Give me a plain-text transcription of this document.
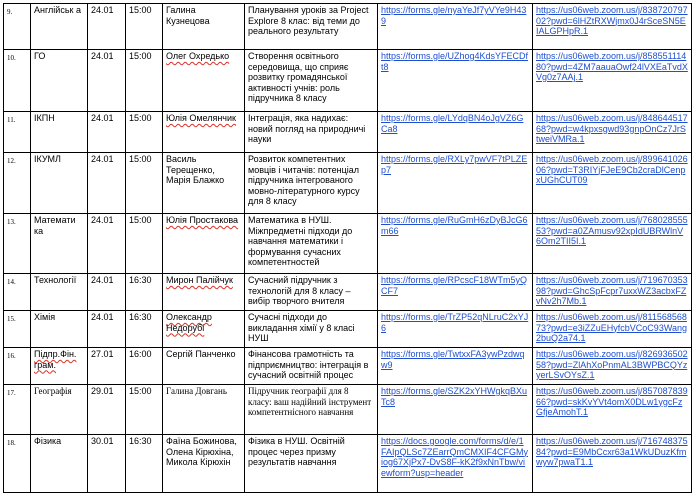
9.	Англійськ а	24.01	15:00	Галина Кузнецова	Планування уроків за Project Explore 8 клас: від теми до реального результату	https://forms.gle/nyaYeJf7yVYe9H439	https://us06web.zoom.us/j/83872079702?pwd=6lHZtRXWjmx0J4rSceSN5EIALGPHpR.1
10.	ГО	24.01	15:00	Олег Охредько	Створення освітнього середовища, що сприяє розвитку громадянської активності учнів: роль підручника 8 класу	https://forms.gle/UZhog4KdsYFECDft8	https://us06web.zoom.us/j/85855111480?pwd=4ZM7aauaOwf24lVXEaTvdXVg0z7AAj.1
11.	ІКПН	24.01	15:00	Юлія Омелянчик	Інтеграція, яка надихає: новий погляд на природничі науки	https://forms.gle/LYdqBN4oJgVZ6GCa8	https://us06web.zoom.us/j/84864451768?pwd=w4kpxsgwd93gnpOnCz7JrStweiVMRa.1
12.	ІКУМЛ	24.01	15:00	Василь Терещенко, Марія Блажко	Розвиток компетентних мовців і читачів: потенціал підручника інтегрованого мовно-літературного курсу для 8 класу	https://forms.gle/RXLy7pwVF7tPLZEp7	https://us06web.zoom.us/j/89964102606?pwd=T3RIYjFJeE9Cb2craDlCenpxUGhCUT09
13.	Математи ка	24.01	15:00	Юлія Простакова	Математика в НУШ. Міжпредметні підходи до навчання математики і формування сучасних компетентностей	https://forms.gle/RuGmH6zDyBJcG6m66	https://us06web.zoom.us/j/76802855553?pwd=a0ZAmusv92xpIdUBRWlnV6Om2TII5I.1
14.	Технології	24.01	16:30	Мирон Палійчук	Сучасний підручник з технологій для 8 класу – вибір творчого вчителя	https://forms.gle/RPcscF18WTm5yQCF7	https://us06web.zoom.us/j/71967035398?pwd=GhcSpFcpr7uxxWZ3acbxFZvNv2h7Mb.1
15.	Хімія	24.01	16:30	Олександр Недорубі	Сучасні підходи до викладання хімії у 8 класі НУШ	https://forms.gle/TrZP52qNLruC2xYJ6	https://us06web.zoom.us/j/81156856873?pwd=e3iZZuEHyfcbVCoC93Wang2buQ2a74.1
16.	Підпр.Фін. грам.	27.01	16:00	Сергій Панченко	Фінансова грамотність та підприємництво: інтеграція в сучасний освітній процес	https://forms.gle/TwtxxFA3ywPzdwqw9	https://us06web.zoom.us/j/82693650258?pwd=ZlAhXoPnmAL3BWPBCQYzyerLSvOYsZ.1
17.	Географія	29.01	15:00	Галина Довгань	Підручник географії для 8 класу: ваш надійний інструмент компетентнісного навчання	https://forms.gle/SZK2xYHWgkqBXuTc8	https://us06web.zoom.us/j/85708783966?pwd=skKvYVt4omX0DLw1ygcFzGfjeAmohT.1
18.	Фізика	30.01	16:30	Фаїна Божинова, Олена Кірюхіна, Микола Кірюхін	Фізика в НУШ. Освітній процес через призму результатів навчання	https://docs.google.com/forms/d/e/1FAIpQLSc7ZEarrQmCMXIF4CFGMyiog67XjPx7-DvS8F-kK2f9xNnTbw/viewform?usp=header	https://us06web.zoom.us/j/71674837584?pwd=E9MbCcxr63a1WkUDuzKfmwyw7pwaT1.1
